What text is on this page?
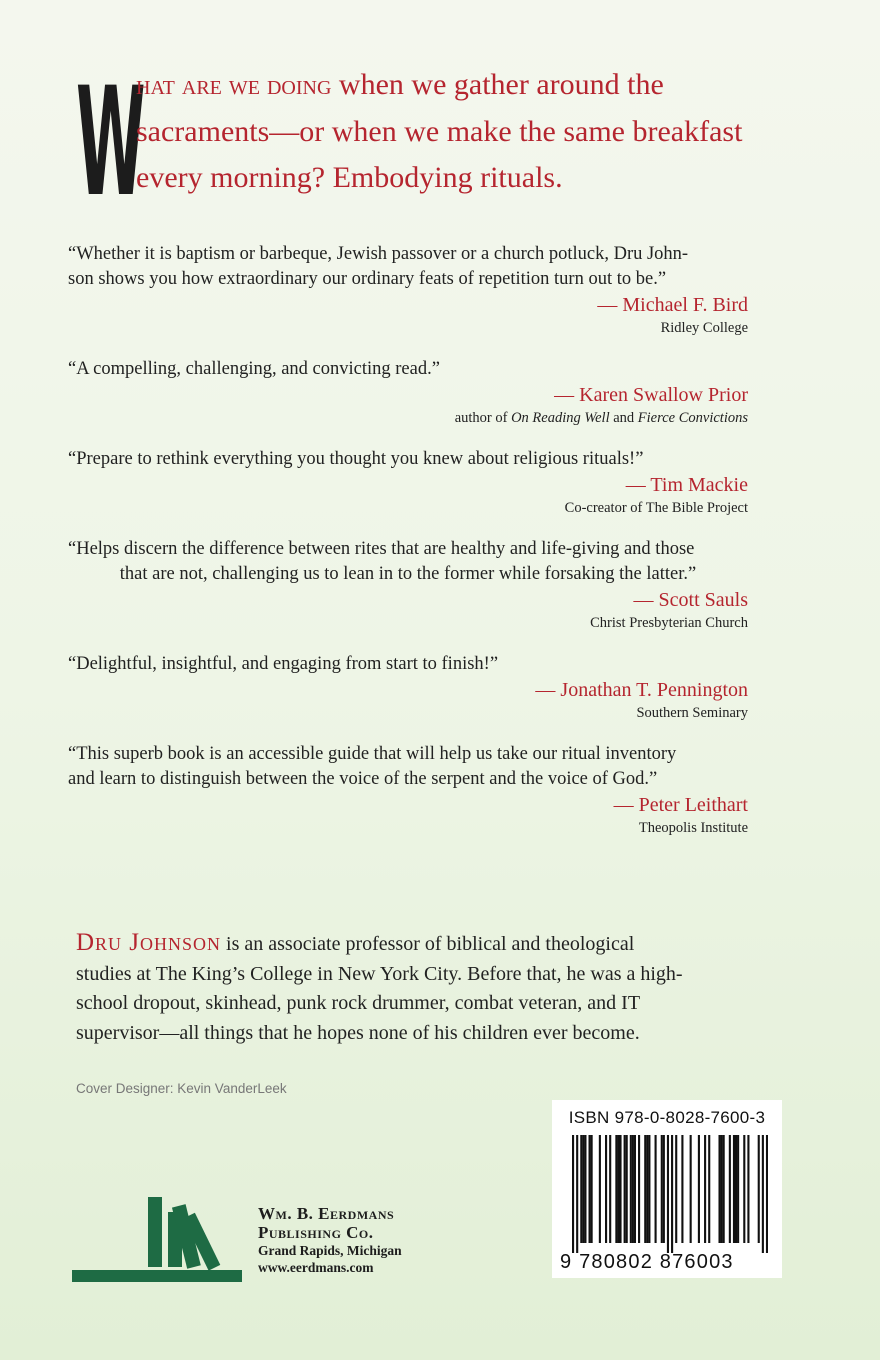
W
hat are we doing when we gather around the
sacraments—or when we make the same breakfast
every morning? Embodying rituals.
“Whether it is baptism or barbeque, Jewish passover or a church potluck, Dru John-
son shows you how extraordinary our ordinary feats of repetition turn out to be.”
— Michael F. Bird
Ridley College
“A compelling, challenging, and convicting read.”
— Karen Swallow Prior
author of On Reading Well and Fierce Convictions
“Prepare to rethink everything you thought you knew about religious rituals!”
— Tim Mackie
Co-creator of The Bible Project
“Helps discern the difference between rites that are healthy and life-giving and those
that are not, challenging us to lean in to the former while forsaking the latter.”
— Scott Sauls
Christ Presbyterian Church
“Delightful, insightful, and engaging from start to finish!”
— Jonathan T. Pennington
Southern Seminary
“This superb book is an accessible guide that will help us take our ritual inventory
and learn to distinguish between the voice of the serpent and the voice of God.”
— Peter Leithart
Theopolis Institute
Dru Johnson is an associate professor of biblical and theological
studies at The King’s College in New York City. Before that, he was a high-
school dropout, skinhead, punk rock drummer, combat veteran, and IT
supervisor—all things that he hopes none of his children ever become.
Cover Designer: Kevin VanderLeek
Wm. B. Eerdmans
Publishing Co.
Grand Rapids, Michigan
www.eerdmans.com
ISBN 978-0-8028-7600-3
9 780802 876003
